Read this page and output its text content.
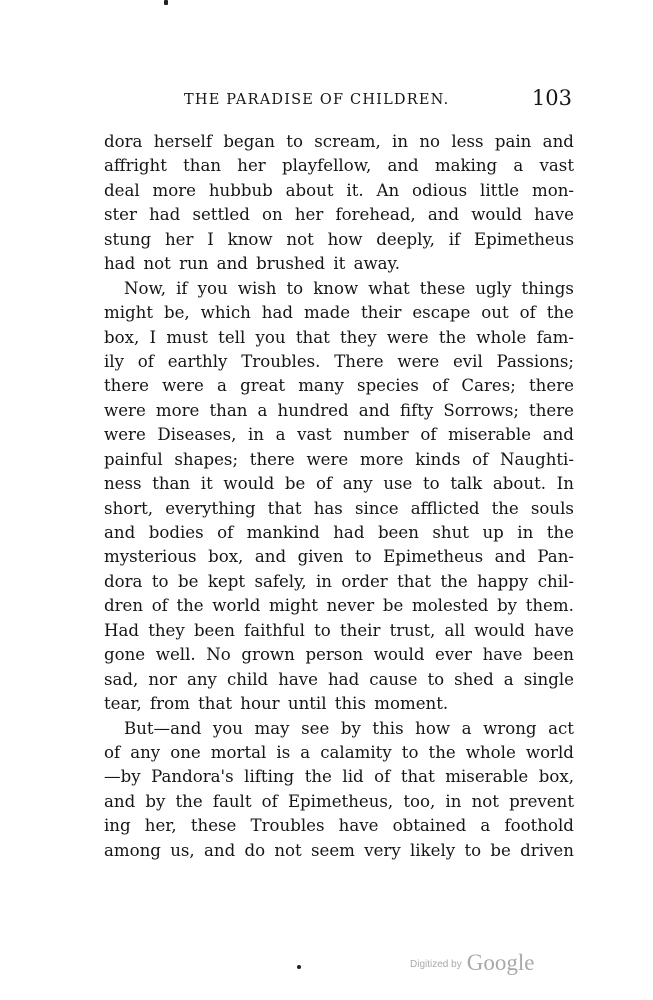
THE PARADISE OF CHILDREN.	103
dora herself began to scream, in no less pain and
affright than her playfellow, and making a vast
deal more hubbub about it. An odious little mon-
ster had settled on her forehead, and would have
stung her I know not how deeply, if Epimetheus
had not run and brushed it away.
Now, if you wish to know what these ugly things
might be, which had made their escape out of the
box, I must tell you that they were the whole fam-
ily of earthly Troubles. There were evil Passions;
there were a great many species of Cares; there
were more than a hundred and fifty Sorrows; there
were Diseases, in a vast number of miserable and
painful shapes; there were more kinds of Naughti-
ness than it would be of any use to talk about. In
short, everything that has since afflicted the souls
and bodies of mankind had been shut up in the
mysterious box, and given to Epimetheus and Pan-
dora to be kept safely, in order that the happy chil-
dren of the world might never be molested by them.
Had they been faithful to their trust, all would have
gone well. No grown person would ever have been
sad, nor any child have had cause to shed a single
tear, from that hour until this moment.
But—and you may see by this how a wrong act
of any one mortal is a calamity to the whole world
—by Pandora's lifting the lid of that miserable box,
and by the fault of Epimetheus, too, in not prevent
ing her, these Troubles have obtained a foothold
among us, and do not seem very likely to be driven
Digitized by Google
